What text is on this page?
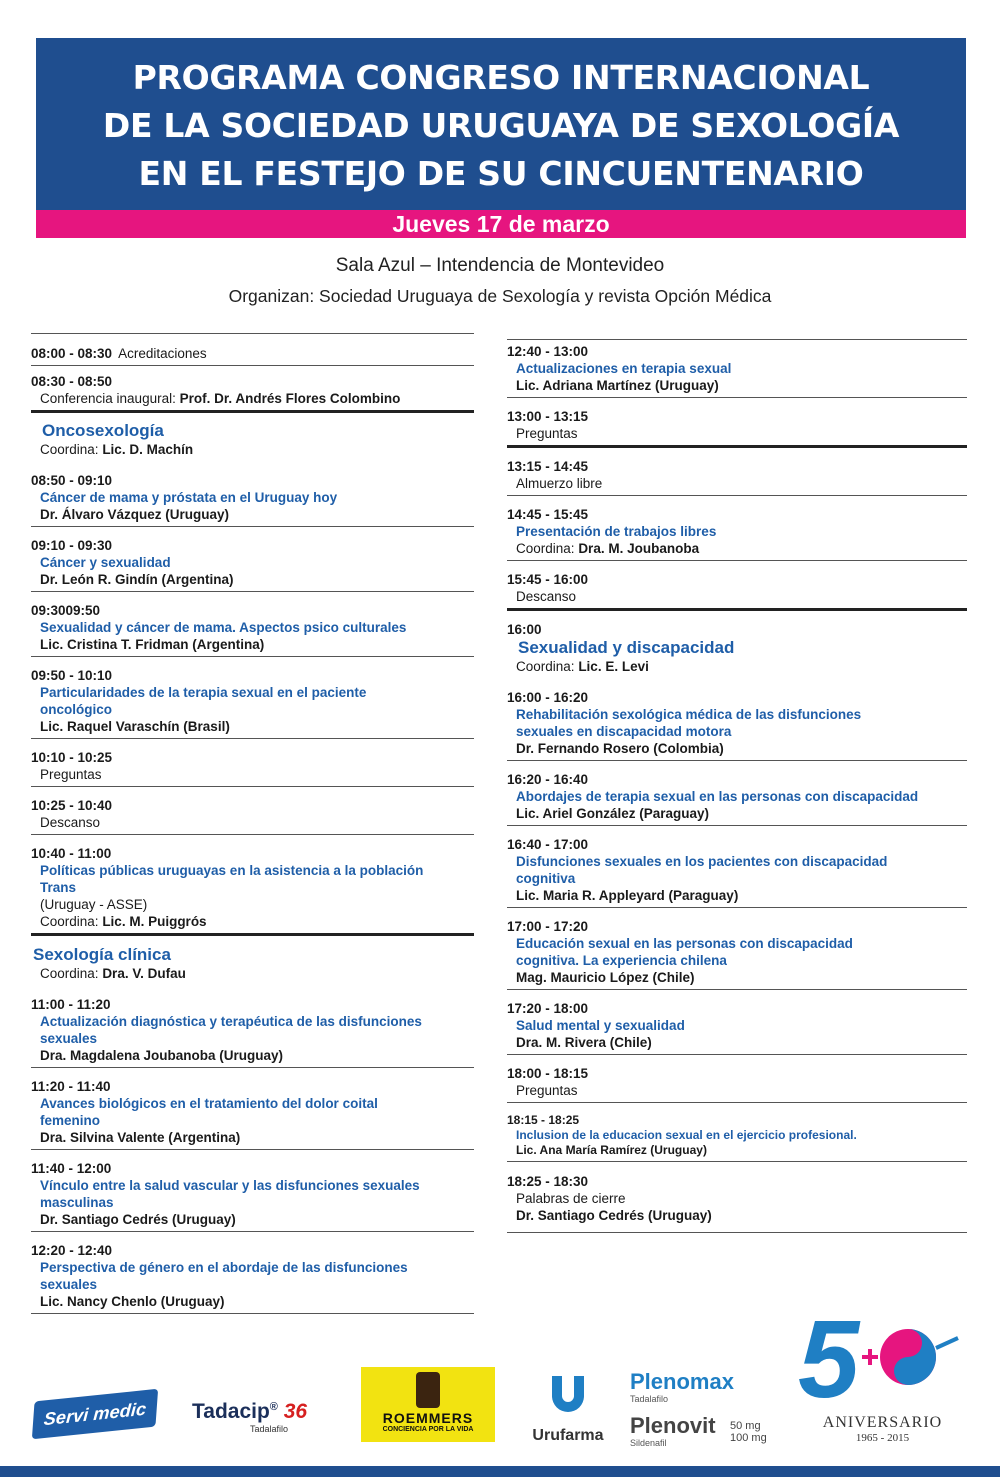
PROGRAMA CONGRESO INTERNACIONAL
DE LA SOCIEDAD URUGUAYA DE SEXOLOGÍA
EN EL FESTEJO DE SU CINCUENTENARIO
Jueves 17 de marzo
Sala Azul – Intendencia de Montevideo
Organizan: Sociedad Uruguaya de Sexología y revista Opción Médica
08:00 - 08:30 Acreditaciones
08:30 - 08:50
Conferencia inaugural: Prof. Dr. Andrés Flores Colombino
Oncosexología
Coordina: Lic. D. Machín
08:50 - 09:10
Cáncer de mama y próstata en el Uruguay hoy
Dr. Álvaro Vázquez (Uruguay)
09:10 - 09:30
Cáncer y sexualidad
Dr. León R. Gindín (Argentina)
09:3009:50
Sexualidad y cáncer de mama. Aspectos psico culturales
Lic. Cristina T. Fridman (Argentina)
09:50 - 10:10
Particularidades de la terapia sexual en el paciente
oncológico
Lic. Raquel Varaschín (Brasil)
10:10 - 10:25
Preguntas
10:25 - 10:40
Descanso
10:40 - 11:00
Políticas públicas uruguayas en la asistencia a la población
Trans
(Uruguay - ASSE)
Coordina: Lic. M. Puiggrós
Sexología clínica
Coordina: Dra. V. Dufau
11:00 - 11:20
Actualización diagnóstica y terapéutica de las disfunciones
sexuales
Dra. Magdalena Joubanoba (Uruguay)
11:20 - 11:40
Avances biológicos en el tratamiento del dolor coital
femenino
Dra. Silvina Valente (Argentina)
11:40 - 12:00
Vínculo entre la salud vascular y las disfunciones sexuales
masculinas
Dr. Santiago Cedrés (Uruguay)
12:20 - 12:40
Perspectiva de género en el abordaje de las disfunciones
sexuales
Lic. Nancy Chenlo (Uruguay)
12:40 - 13:00
Actualizaciones en terapia sexual
Lic. Adriana Martínez (Uruguay)
13:00 - 13:15
Preguntas
13:15 - 14:45
Almuerzo libre
14:45 - 15:45
Presentación de trabajos libres
Coordina: Dra. M. Joubanoba
15:45 - 16:00
Descanso
16:00
Sexualidad y discapacidad
Coordina: Lic. E. Levi
16:00 - 16:20
Rehabilitación sexológica médica de las disfunciones
sexuales en discapacidad motora
Dr. Fernando Rosero (Colombia)
16:20 - 16:40
Abordajes de terapia sexual en las personas con discapacidad
Lic. Ariel González (Paraguay)
16:40 - 17:00
Disfunciones sexuales en los pacientes con discapacidad
cognitiva
Lic. Maria R. Appleyard (Paraguay)
17:00 - 17:20
Educación sexual en las personas con discapacidad
cognitiva. La experiencia chilena
Mag. Mauricio López (Chile)
17:20 - 18:00
Salud mental y sexualidad
Dra. M. Rivera (Chile)
18:00 - 18:15
Preguntas
18:15 - 18:25
Inclusion de la educacion sexual en el ejercicio profesional.
Lic. Ana María Ramírez (Uruguay)
18:25 - 18:30
Palabras de cierre
Dr. Santiago Cedrés (Uruguay)
Servi medic	Tadacip® 36
Tadalafilo
ROEMMERS
CONCIENCIA POR LA VIDA	Urufarma
Plenomax
Tadalafilo
Plenovit
Sildenafil
50 mg
100 mg
5
ANIVERSARIO
1965 - 2015
